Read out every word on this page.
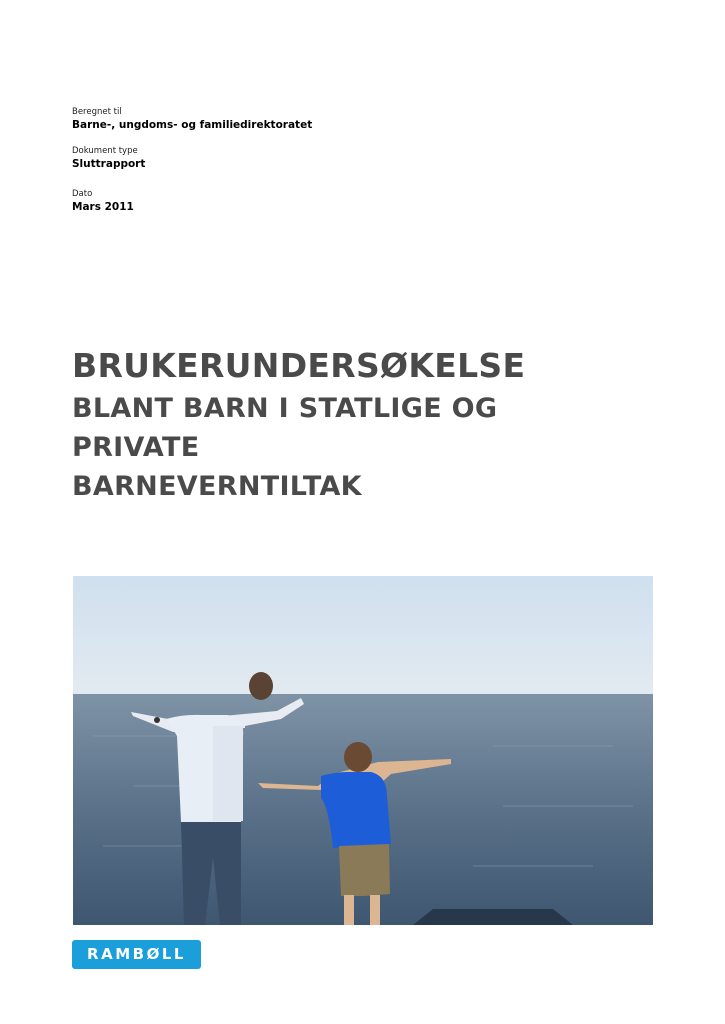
Beregnet til
Barne-, ungdoms- og familiedirektoratet
Dokument type
Sluttrapport
Dato
Mars 2011
BRUKERUNDERSØKELSE
BLANT BARN I STATLIGE OG
PRIVATE
BARNEVERNTILTAK
RAMBØLL
